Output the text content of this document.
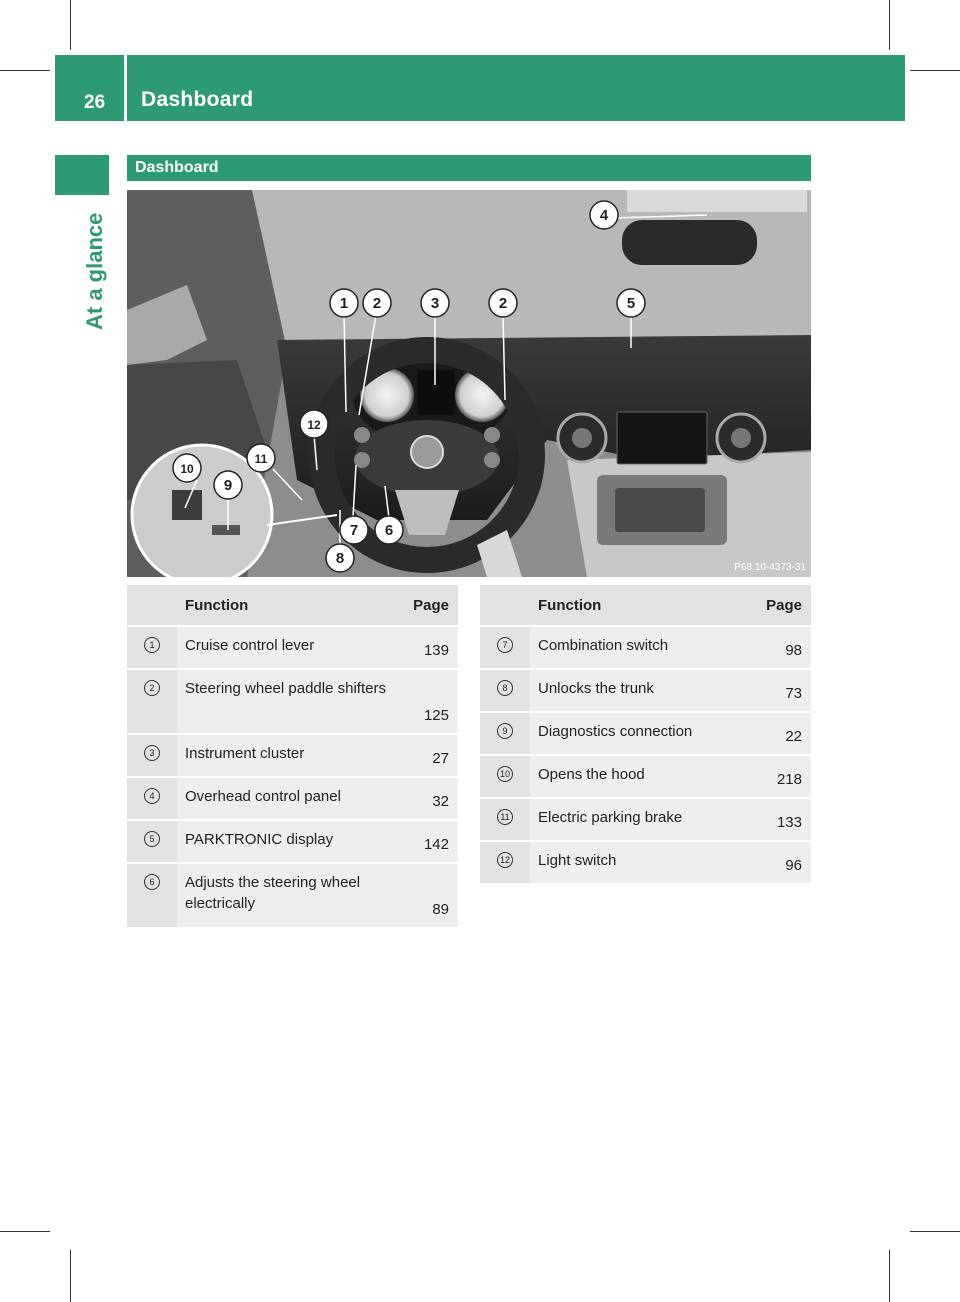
26 Dashboard
At a glance
Dashboard
4
1 2	3	2	5
12
11
10
9
7 6
8
P68.10-4373-31
	Function	Page
1	Cruise control lever	139
2	Steering wheel paddle shifters	125
3	Instrument cluster	27
4	Overhead control panel	32
5	PARKTRONIC display	142
6	Adjusts the steering wheel electrically	89
	Function	Page
7	Combination switch	98
8	Unlocks the trunk	73
9	Diagnostics connection	22
10	Opens the hood	218
11	Electric parking brake	133
12	Light switch	96
